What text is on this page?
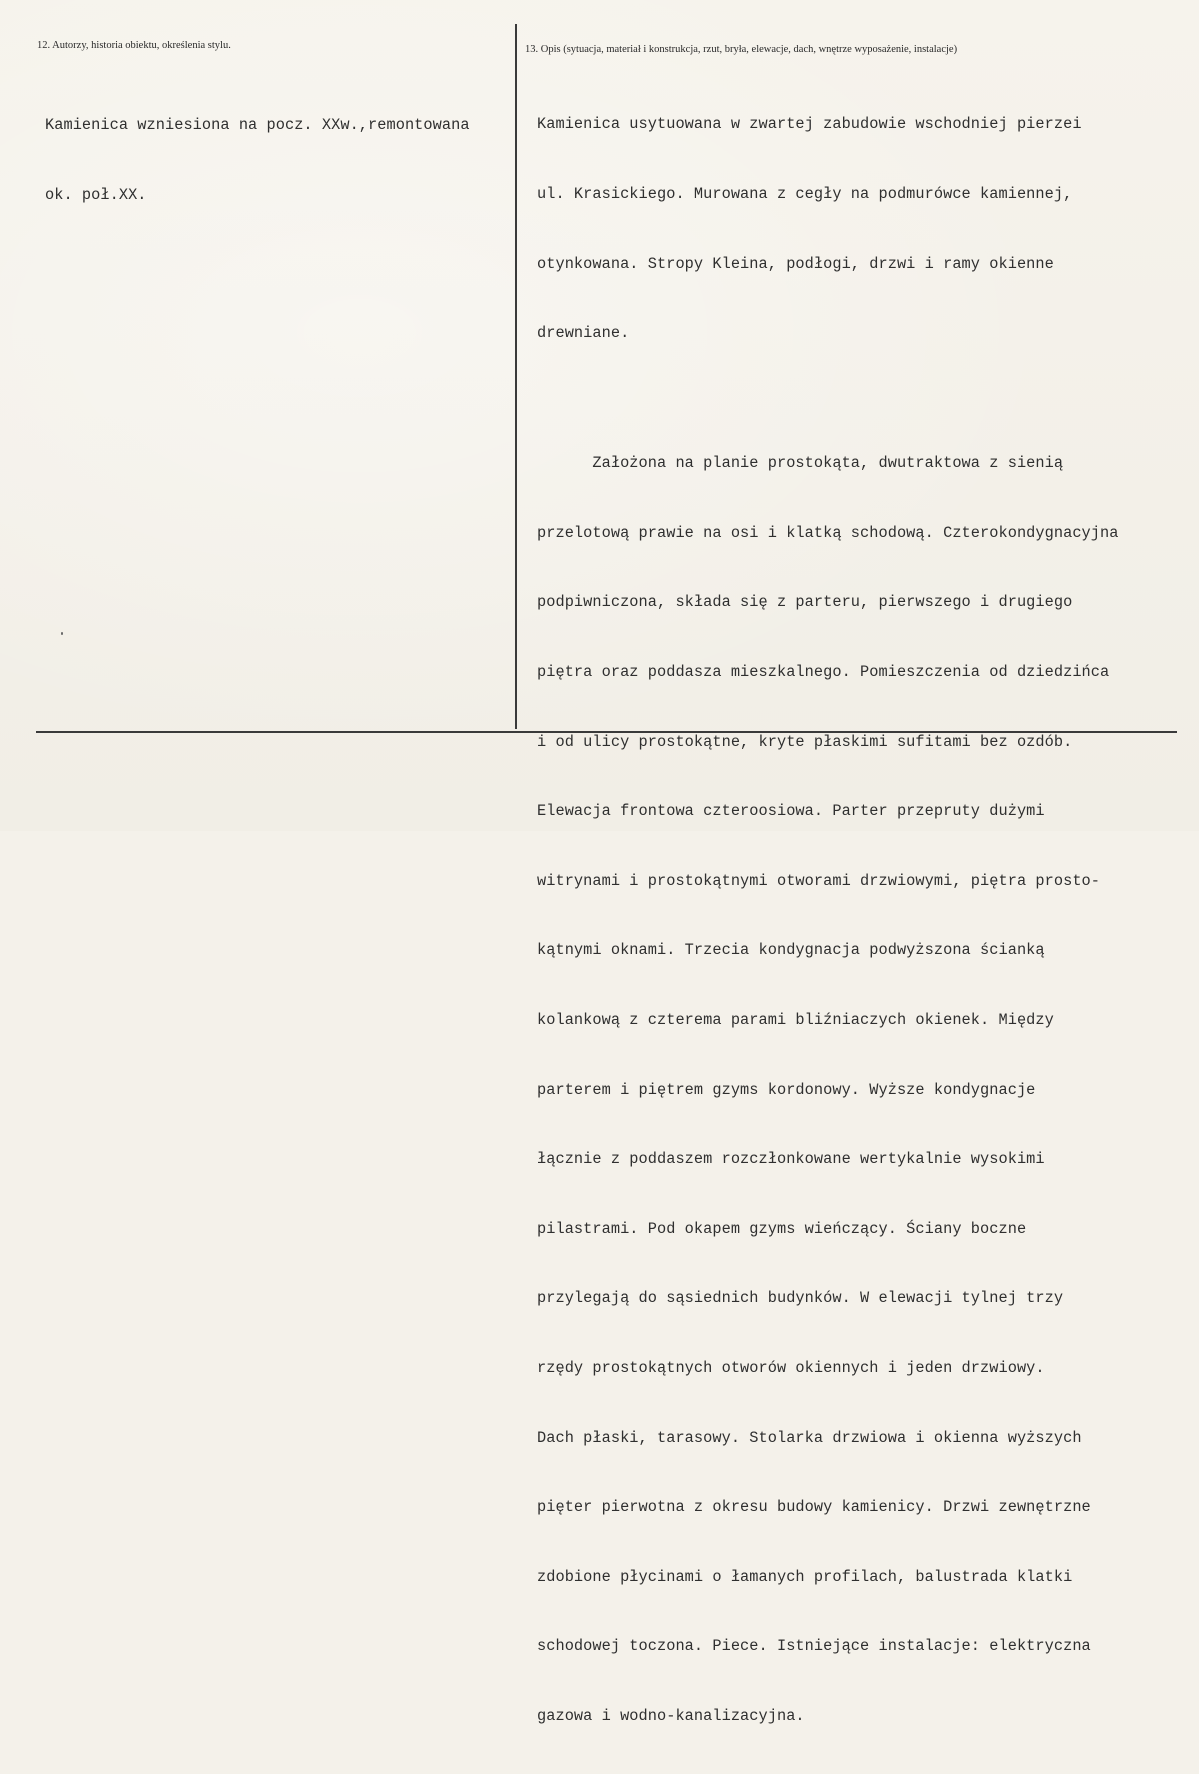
12. Autorzy, historia obiektu, określenia stylu.	13. Opis (sytuacja, materiał i konstrukcja, rzut, bryła, elewacje, dach, wnętrze wyposażenie, instalacje)

Kamienica wzniesiona na pocz. XXw.,remontowana

ok. poł.XX.

Kamienica usytuowana w zwartej zabudowie wschodniej pierzei

ul. Krasickiego. Murowana z cegły na podmurówce kamiennej,

otynkowana. Stropy Kleina, podłogi, drzwi i ramy okienne

drewniane.

Założona na planie prostokąta, dwutraktowa z sienią

przelotową prawie na osi i klatką schodową. Czterokondygnacyjna

podpiwniczona, składa się z parteru, pierwszego i drugiego

piętra oraz poddasza mieszkalnego. Pomieszczenia od dziedzińca

i od ulicy prostokątne, kryte płaskimi sufitami bez ozdób.

Elewacja frontowa czteroosiowa. Parter przepruty dużymi

witrynami i prostokątnymi otworami drzwiowymi, piętra prosto-

kątnymi oknami. Trzecia kondygnacja podwyższona ścianką

kolankową z czterema parami bliźniaczych okienek. Między

parterem i piętrem gzyms kordonowy. Wyższe kondygnacje

łącznie z poddaszem rozczłonkowane wertykalnie wysokimi

pilastrami. Pod okapem gzyms wieńczący. Ściany boczne

przylegają do sąsiednich budynków. W elewacji tylnej trzy

rzędy prostokątnych otworów okiennych i jeden drzwiowy.

Dach płaski, tarasowy. Stolarka drzwiowa i okienna wyższych

pięter pierwotna z okresu budowy kamienicy. Drzwi zewnętrzne

zdobione płycinami o łamanych profilach, balustrada klatki

schodowej toczona. Piece. Istniejące instalacje: elektryczna

gazowa i wodno-kanalizacyjna.
